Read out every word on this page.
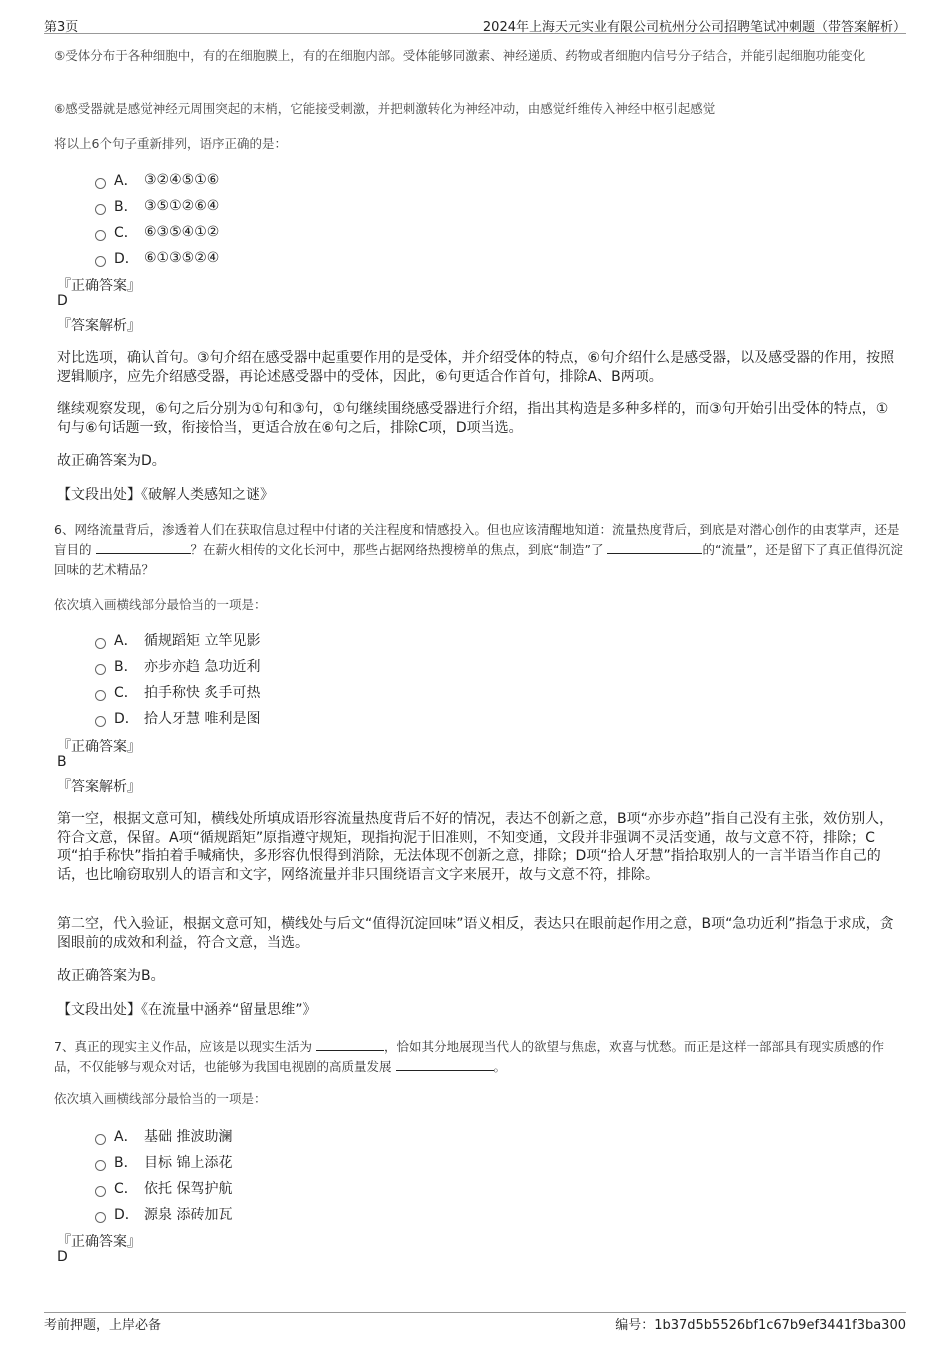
第3页	2024年上海天元实业有限公司杭州分公司招聘笔试冲刺题（带答案解析）
⑤受体分布于各种细胞中，有的在细胞膜上，有的在细胞内部。受体能够同激素、神经递质、药物或者细胞内信号分子结合，并能引起细胞功能变化
⑥感受器就是感觉神经元周围突起的末梢，它能接受刺激，并把刺激转化为神经冲动，由感觉纤维传入神经中枢引起感觉
将以上6个句子重新排列，语序正确的是：
A． ③②④⑤①⑥
B． ③⑤①②⑥④
C． ⑥③⑤④①②
D． ⑥①③⑤②④
『正确答案』
D
『答案解析』
对比选项，确认首句。③句介绍在感受器中起重要作用的是受体，并介绍受体的特点，⑥句介绍什么是感受器，以及感受器的作用，按照逻辑顺序，应先介绍感受器，再论述感受器中的受体，因此，⑥句更适合作首句，排除A、B两项。
继续观察发现，⑥句之后分别为①句和③句，①句继续围绕感受器进行介绍，指出其构造是多种多样的，而③句开始引出受体的特点，①句与⑥句话题一致，衔接恰当，更适合放在⑥句之后，排除C项，D项当选。
故正确答案为D。
【文段出处】《破解人类感知之谜》
6、网络流量背后，渗透着人们在获取信息过程中付诸的关注程度和情感投入。但也应该清醒地知道：流量热度背后，到底是对潜心创作的由衷掌声，还是盲目的	？在薪火相传的文化长河中，那些占据网络热搜榜单的焦点，到底“制造”了	的“流量”，还是留下了真正值得沉淀回味的艺术精品？
依次填入画横线部分最恰当的一项是：
A． 循规蹈矩 立竿见影
B． 亦步亦趋 急功近利
C． 拍手称快 炙手可热
D． 拾人牙慧 唯利是图
『正确答案』
B
『答案解析』
第一空，根据文意可知，横线处所填成语形容流量热度背后不好的情况，表达不创新之意，B项“亦步亦趋”指自己没有主张，效仿别人，符合文意，保留。A项“循规蹈矩”原指遵守规矩，现指拘泥于旧准则，不知变通，文段并非强调不灵活变通，故与文意不符，排除；C项“拍手称快”指拍着手喊痛快，多形容仇恨得到消除，无法体现不创新之意，排除；D项“拾人牙慧”指拾取别人的一言半语当作自己的话，也比喻窃取别人的语言和文字，网络流量并非只围绕语言文字来展开，故与文意不符，排除。
第二空，代入验证，根据文意可知，横线处与后文“值得沉淀回味”语义相反，表达只在眼前起作用之意，B项“急功近利”指急于求成，贪图眼前的成效和利益，符合文意，当选。
故正确答案为B。
【文段出处】《在流量中涵养“留量思维”》
7、真正的现实主义作品，应该是以现实生活为	，恰如其分地展现当代人的欲望与焦虑，欢喜与忧愁。而正是这样一部部具有现实质感的作品，不仅能够与观众对话，也能够为我国电视剧的高质量发展	。
依次填入画横线部分最恰当的一项是：
A． 基础 推波助澜
B． 目标 锦上添花
C． 依托 保驾护航
D． 源泉 添砖加瓦
『正确答案』
D
考前押题，上岸必备	编号：1b37d5b5526bf1c67b9ef3441f3ba300
